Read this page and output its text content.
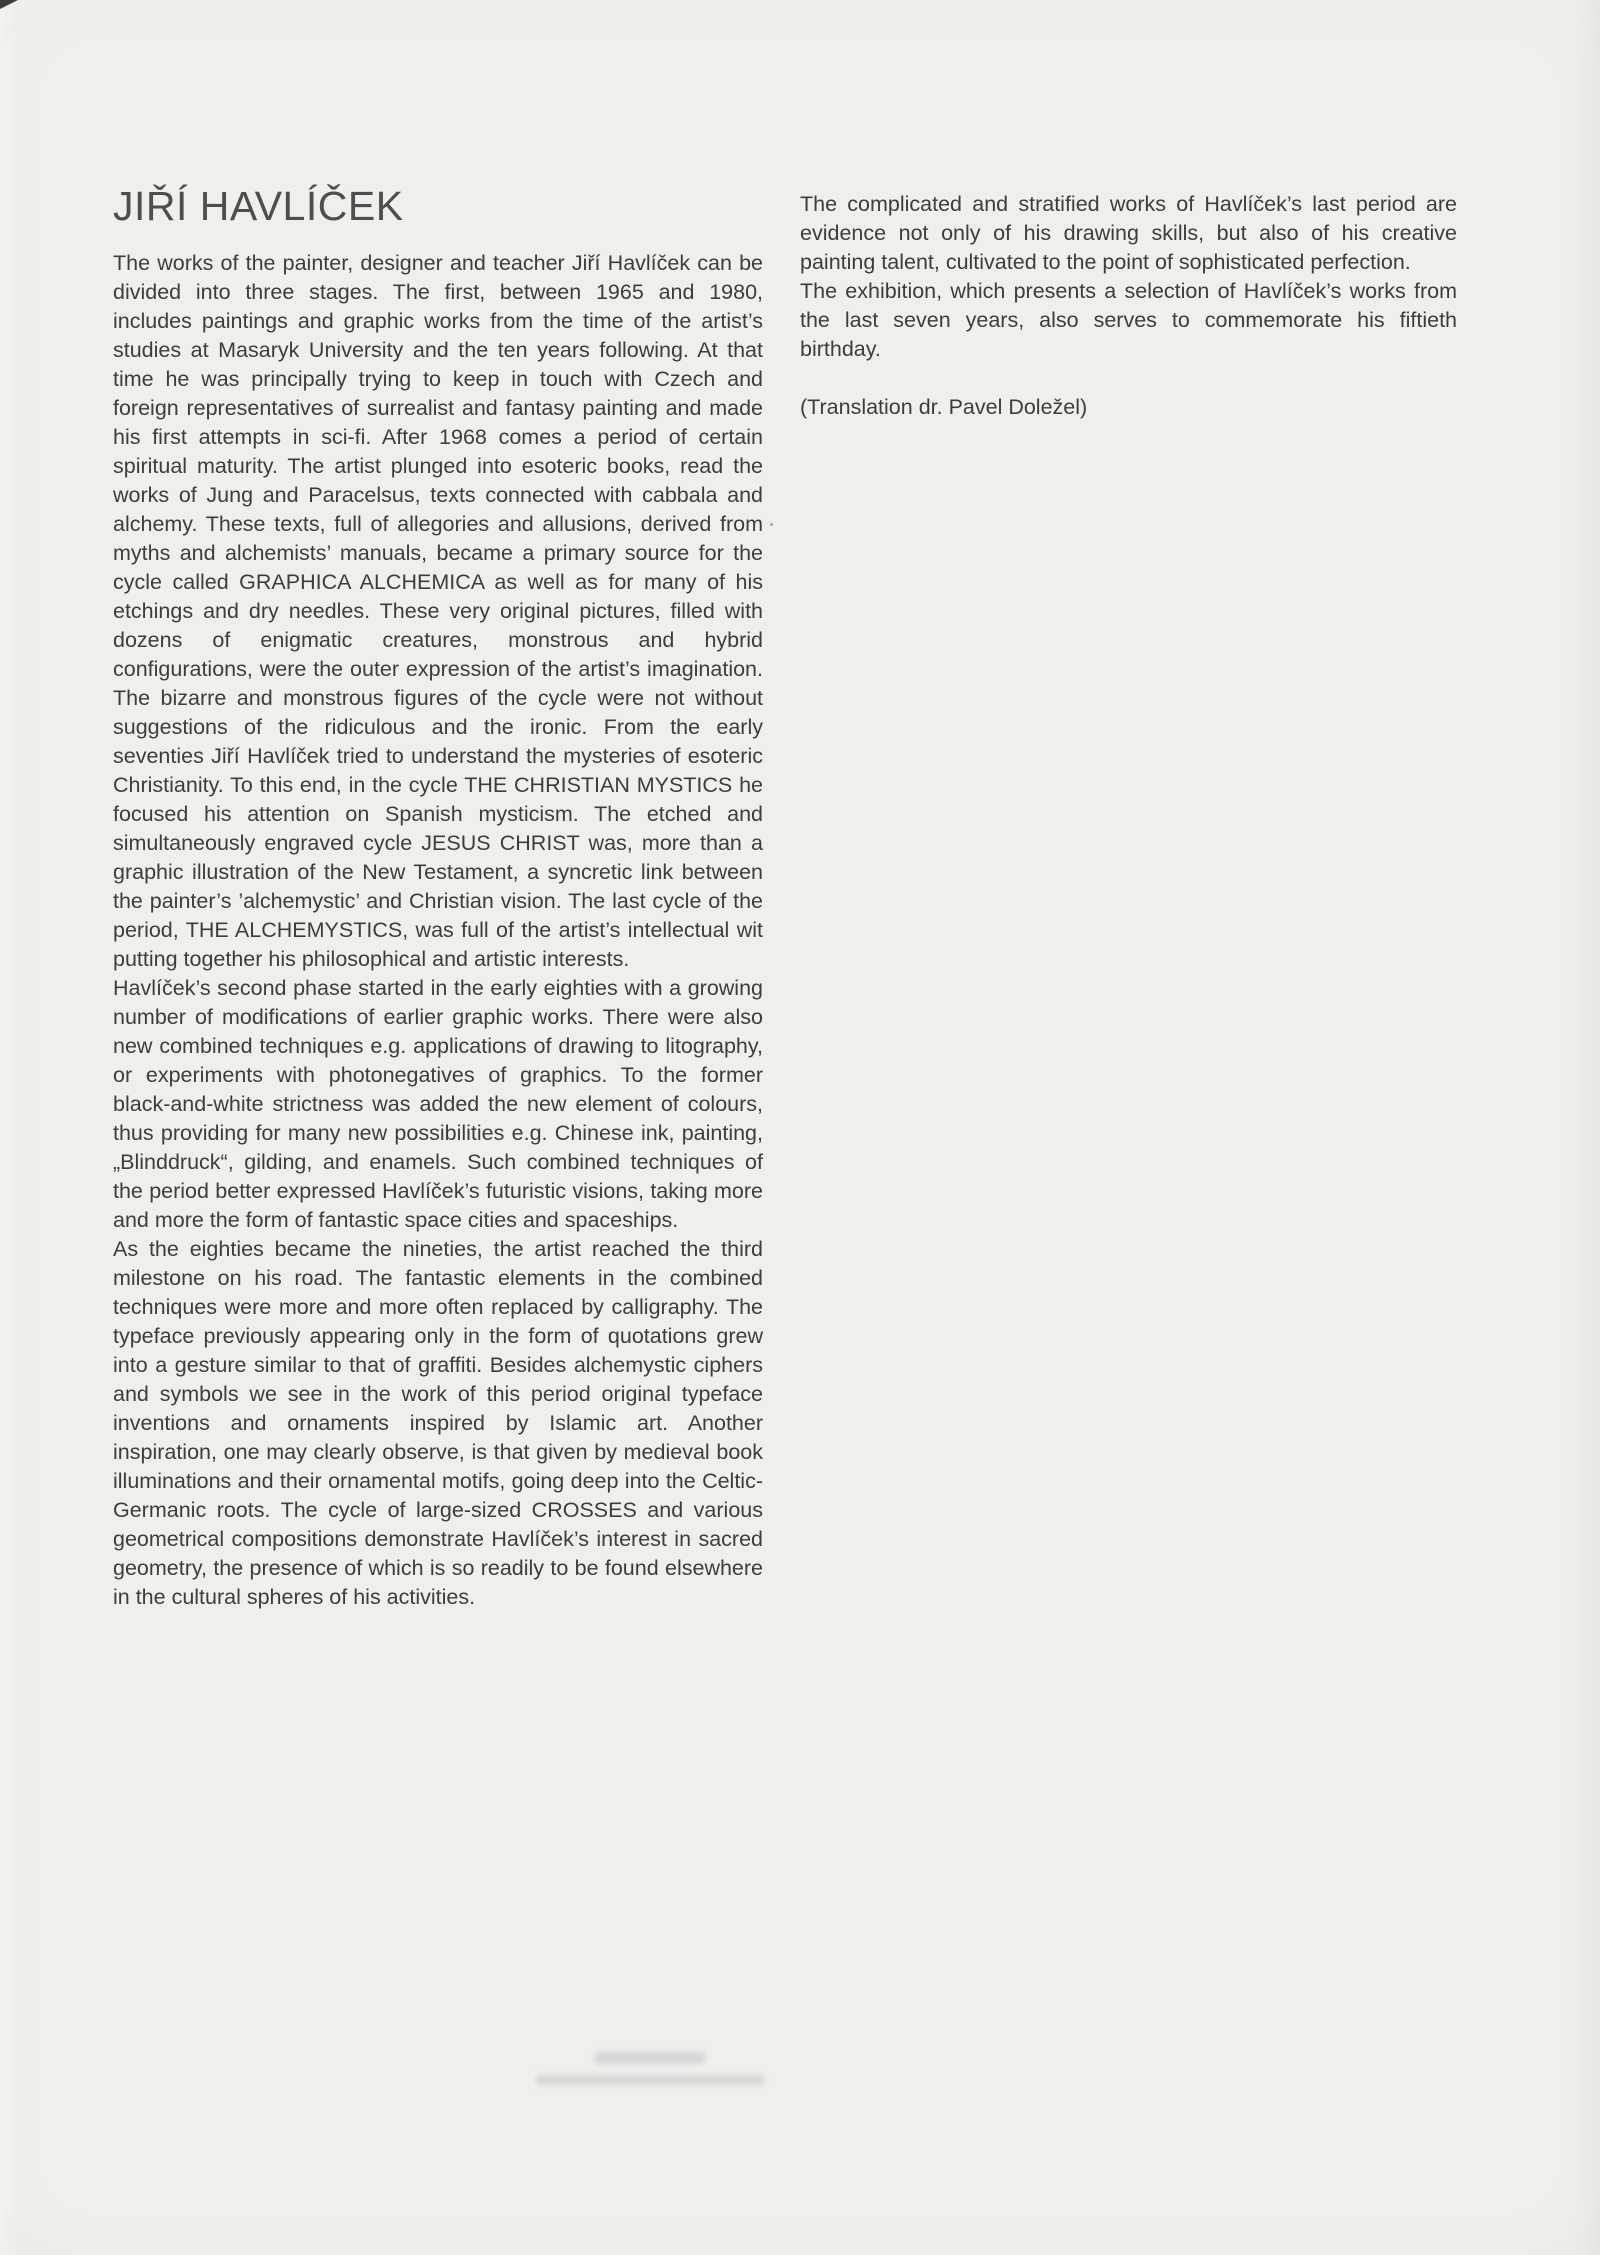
JIŘÍ HAVLÍČEK

The works of the painter, designer and teacher Jiří Havlíček can be divided into three stages. The first, between 1965 and 1980, includes paintings and graphic works from the time of the artist’s studies at Masaryk University and the ten years following. At that time he was principally trying to keep in touch with Czech and foreign representatives of surrealist and fantasy painting and made his first attempts in sci-fi. After 1968 comes a period of certain spiritual maturity. The artist plunged into esoteric books, read the works of Jung and Paracelsus, texts connected with cabbala and alchemy. These texts, full of allegories and allusions, derived from myths and alchemists’ manuals, became a primary source for the cycle called GRAPHICA ALCHEMICA as well as for many of his etchings and dry needles. These very original pictures, filled with dozens of enigmatic creatures, monstrous and hybrid configurations, were the outer expression of the artist’s imagination. The bizarre and monstrous figures of the cycle were not without suggestions of the ridiculous and the ironic. From the early seventies Jiří Havlíček tried to understand the mysteries of esoteric Christianity. To this end, in the cycle THE CHRISTIAN MYSTICS he focused his attention on Spanish mysticism. The etched and simultaneously engraved cycle JESUS CHRIST was, more than a graphic illustration of the New Testament, a syncretic link between the painter’s ’alchemystic’ and Christian vision. The last cycle of the period, THE ALCHEMYSTICS, was full of the artist’s intellectual wit putting together his philosophical and artistic interests.

Havlíček’s second phase started in the early eighties with a growing number of modifications of earlier graphic works. There were also new combined techniques e.g. applications of drawing to litography, or experiments with photonegatives of graphics. To the former black-and-white strictness was added the new element of colours, thus providing for many new possibilities e.g. Chinese ink, painting, „Blinddruck“, gilding, and enamels. Such combined techniques of the period better expressed Havlíček’s futuristic visions, taking more and more the form of fantastic space cities and spaceships.

As the eighties became the nineties, the artist reached the third milestone on his road. The fantastic elements in the combined techniques were more and more often replaced by calligraphy. The typeface previously appearing only in the form of quotations grew into a gesture similar to that of graffiti. Besides alchemystic ciphers and symbols we see in the work of this period original typeface inventions and ornaments inspired by Islamic art. Another inspiration, one may clearly observe, is that given by medieval book illuminations and their ornamental motifs, going deep into the Celtic-Germanic roots. The cycle of large-sized CROSSES and various geometrical compositions demonstrate Havlíček’s interest in sacred geometry, the presence of which is so readily to be found elsewhere in the cultural spheres of his activities.

The complicated and stratified works of Havlíček’s last period are evidence not only of his drawing skills, but also of his creative painting talent, cultivated to the point of sophisticated perfection.

The exhibition, which presents a selection of Havlíček’s works from the last seven years, also serves to commemorate his fiftieth birthday.

(Translation dr. Pavel Doležel)
